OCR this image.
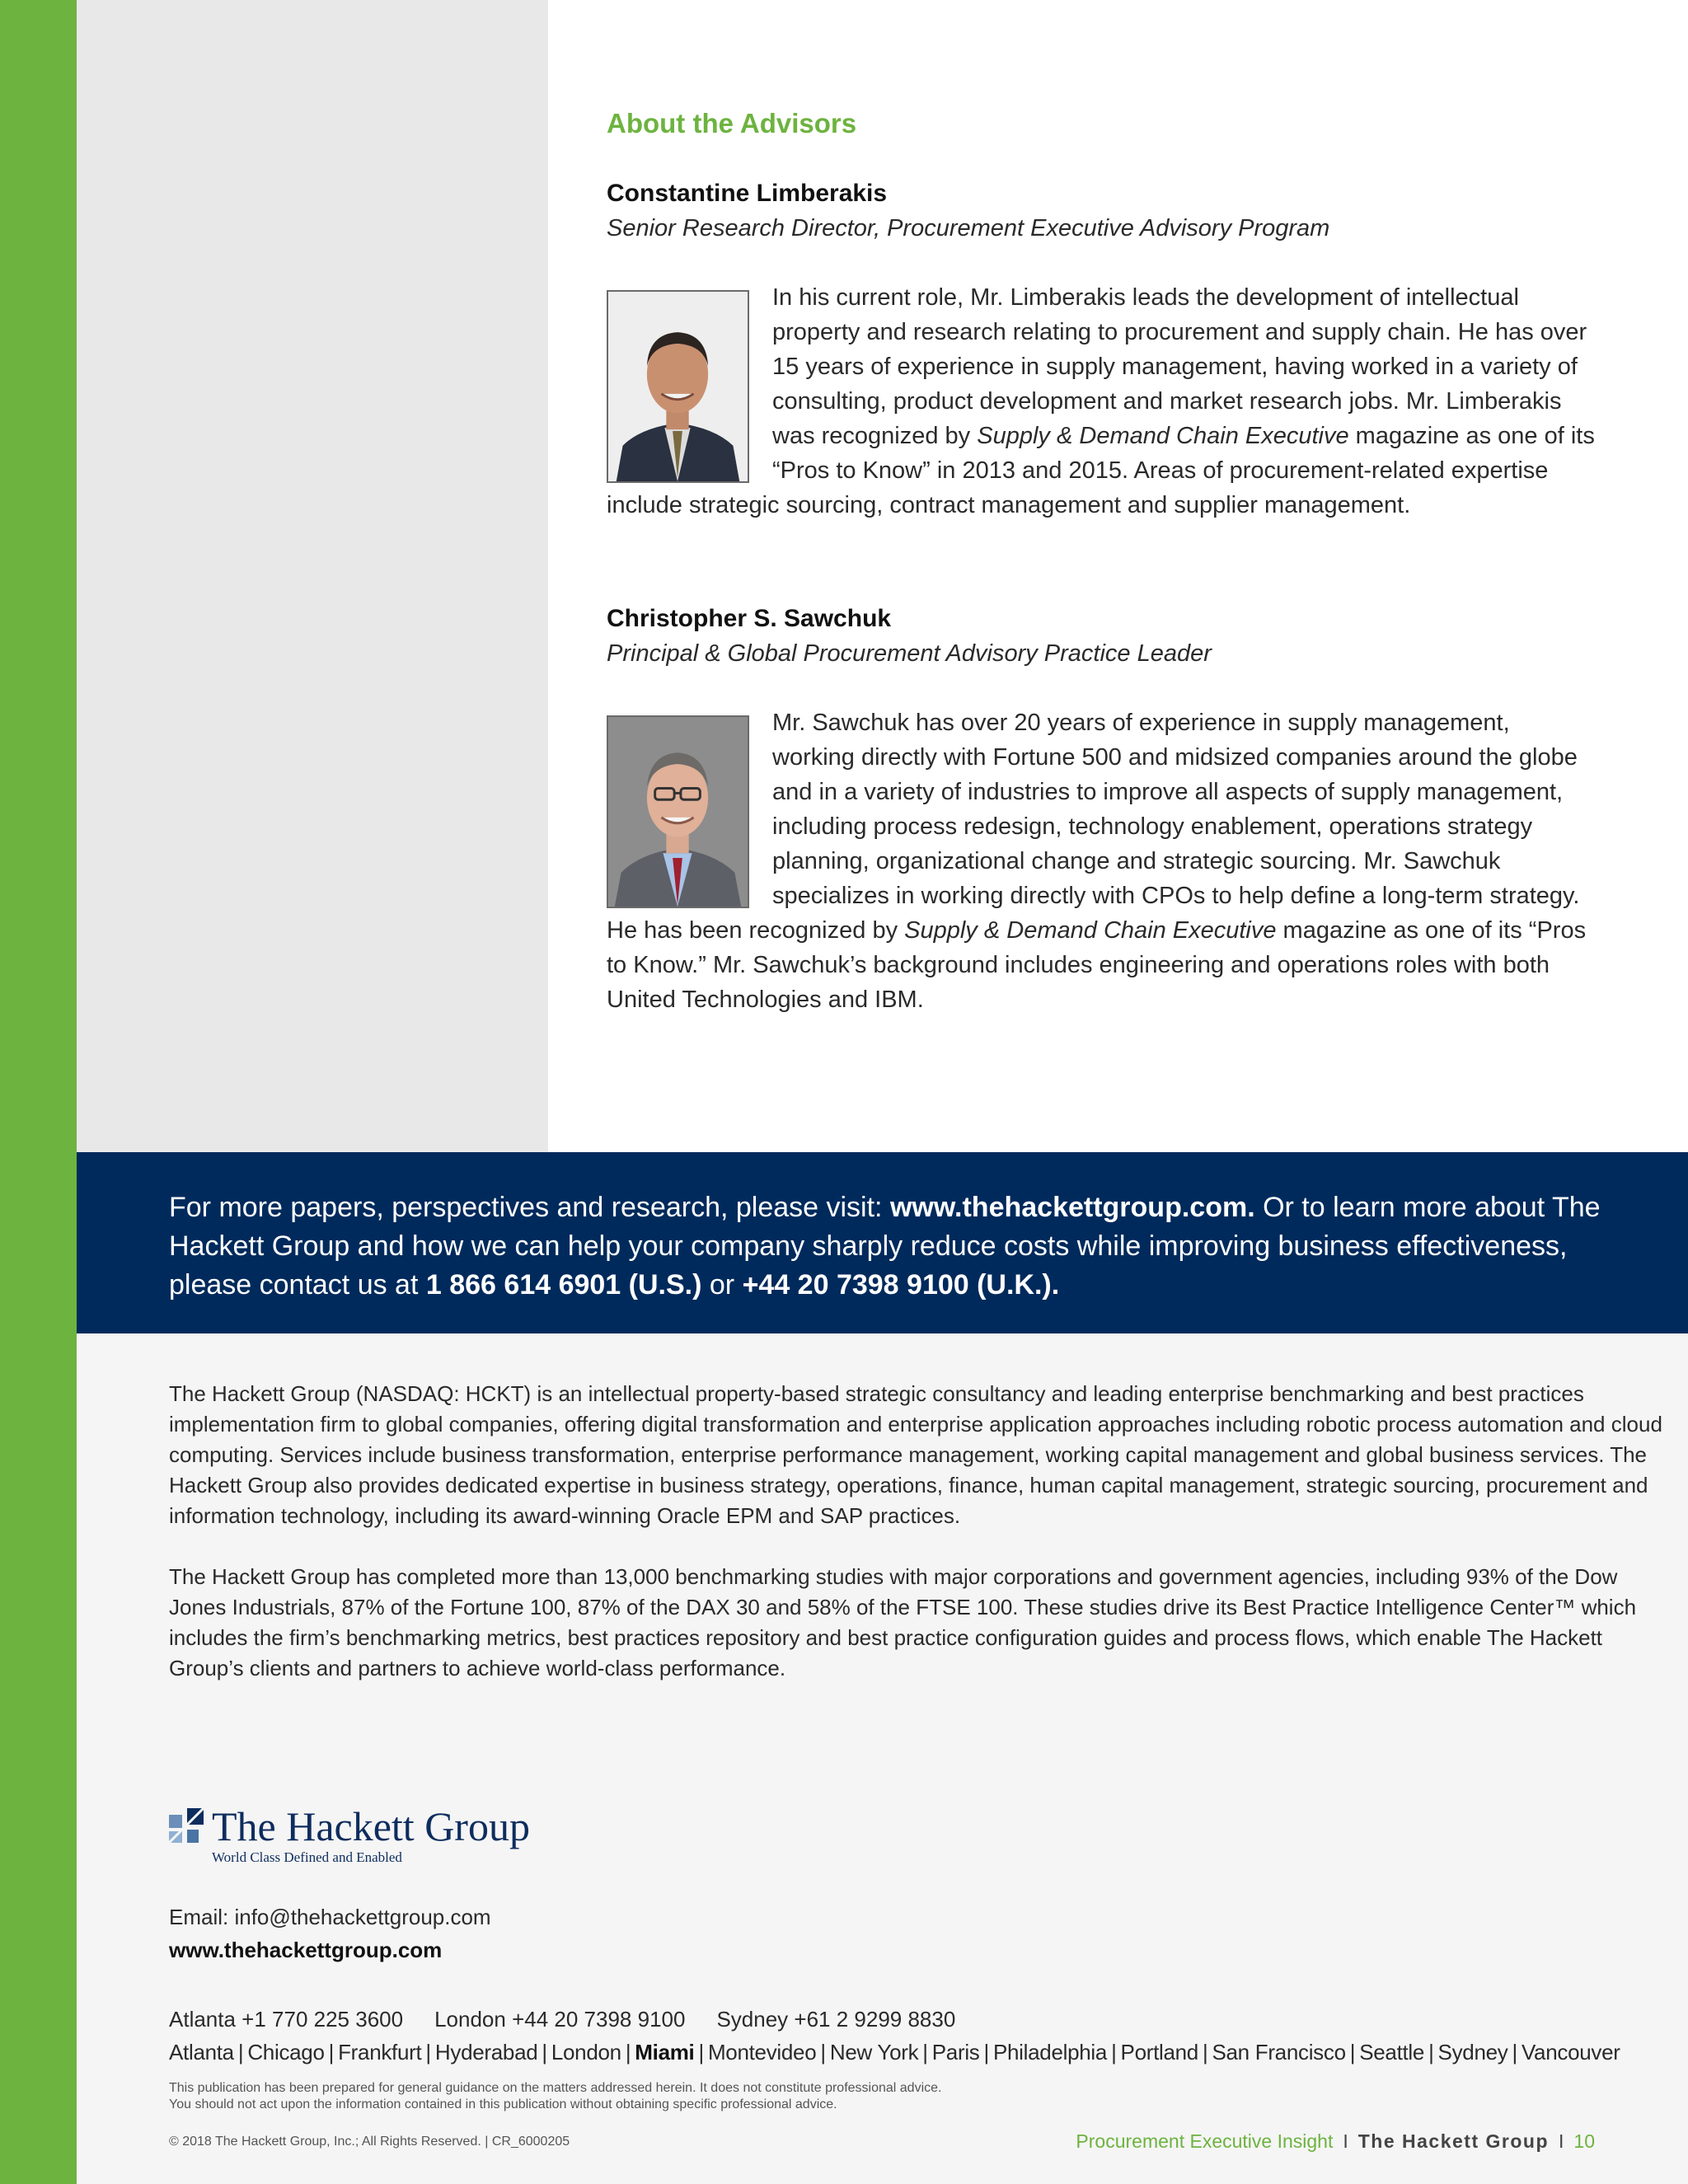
About the Advisors
Constantine Limberakis
Senior Research Director, Procurement Executive Advisory Program
In his current role, Mr. Limberakis leads the development of intellectual property and research relating to procurement and supply chain. He has over 15 years of experience in supply management, having worked in a variety of consulting, product development and market research jobs. Mr. Limberakis was recognized by Supply & Demand Chain Executive magazine as one of its “Pros to Know” in 2013 and 2015. Areas of procurement-related expertise include strategic sourcing, contract management and supplier management.
Christopher S. Sawchuk
Principal & Global Procurement Advisory Practice Leader
Mr. Sawchuk has over 20 years of experience in supply management, working directly with Fortune 500 and midsized companies around the globe and in a variety of industries to improve all aspects of supply management, including process redesign, technology enablement, operations strategy planning, organizational change and strategic sourcing. Mr. Sawchuk specializes in working directly with CPOs to help define a long-term strategy. He has been recognized by Supply & Demand Chain Executive magazine as one of its “Pros to Know.” Mr. Sawchuk’s background includes engineering and operations roles with both United Technologies and IBM.
For more papers, perspectives and research, please visit: www.thehackettgroup.com. Or to learn more about The Hackett Group and how we can help your company sharply reduce costs while improving business effectiveness, please contact us at 1 866 614 6901 (U.S.) or +44 20 7398 9100 (U.K.).

The Hackett Group (NASDAQ: HCKT) is an intellectual property-based strategic consultancy and leading enterprise benchmarking and best practices implementation firm to global companies, offering digital transformation and enterprise application approaches including robotic process automation and cloud computing. Services include business transformation, enterprise performance management, working capital management and global business services. The Hackett Group also provides dedicated expertise in business strategy, operations, finance, human capital management, strategic sourcing, procurement and information technology, including its award-winning Oracle EPM and SAP practices.

The Hackett Group has completed more than 13,000 benchmarking studies with major corporations and government agencies, including 93% of the Dow Jones Industrials, 87% of the Fortune 100, 87% of the DAX 30 and 58% of the FTSE 100. These studies drive its Best Practice Intelligence Center™ which includes the firm’s benchmarking metrics, best practices repository and best practice configuration guides and process flows, which enable The Hackett Group’s clients and partners to achieve world-class performance.

The Hackett Group
World Class Defined and Enabled
Email: info@thehackettgroup.com
www.thehackettgroup.com
Atlanta +1 770 225 3600 London +44 20 7398 9100 Sydney +61 2 9299 8830
Atlanta | Chicago | Frankfurt | Hyderabad | London | Miami | Montevideo | New York | Paris | Philadelphia | Portland | San Francisco | Seattle | Sydney | Vancouver
This publication has been prepared for general guidance on the matters addressed herein. It does not constitute professional advice.
You should not act upon the information contained in this publication without obtaining specific professional advice.
© 2018 The Hackett Group, Inc.; All Rights Reserved. | CR_6000205	Procurement Executive Insight I The Hackett Group I 10
